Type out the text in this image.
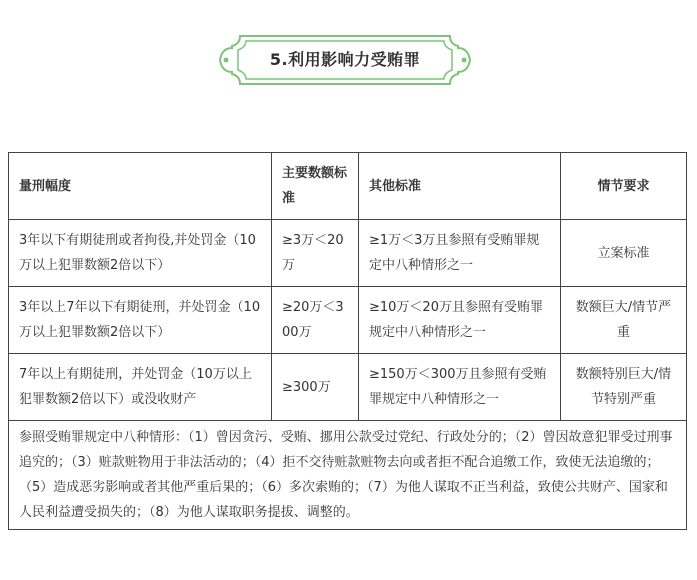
5.利用影响力受贿罪
量刑幅度	主要数额标准	其他标准	情节要求
3年以下有期徒刑或者拘役,并处罚金（10万以上犯罪数额2倍以下）	≥3万＜20万	≥1万＜3万且参照有受贿罪规定中八种情形之一	立案标准
3年以上7年以下有期徒刑，并处罚金（10万以上犯罪数额2倍以下）	≥20万＜300万	≥10万＜20万且参照有受贿罪规定中八种情形之一	数额巨大/情节严重
7年以上有期徒刑，并处罚金（10万以上犯罪数额2倍以下）或没收财产	≥300万	≥150万＜300万且参照有受贿罪规定中八种情形之一	数额特别巨大/情节特别严重
参照受贿罪规定中八种情形：（1）曾因贪污、受贿、挪用公款受过党纪、行政处分的；（2）曾因故意犯罪受过刑事追究的；（3）赃款赃物用于非法活动的；（4）拒不交待赃款赃物去向或者拒不配合追缴工作，致使无法追缴的；（5）造成恶劣影响或者其他严重后果的；（6）多次索贿的；（7）为他人谋取不正当利益，致使公共财产、国家和人民利益遭受损失的；（8）为他人谋取职务提拔、调整的。			
